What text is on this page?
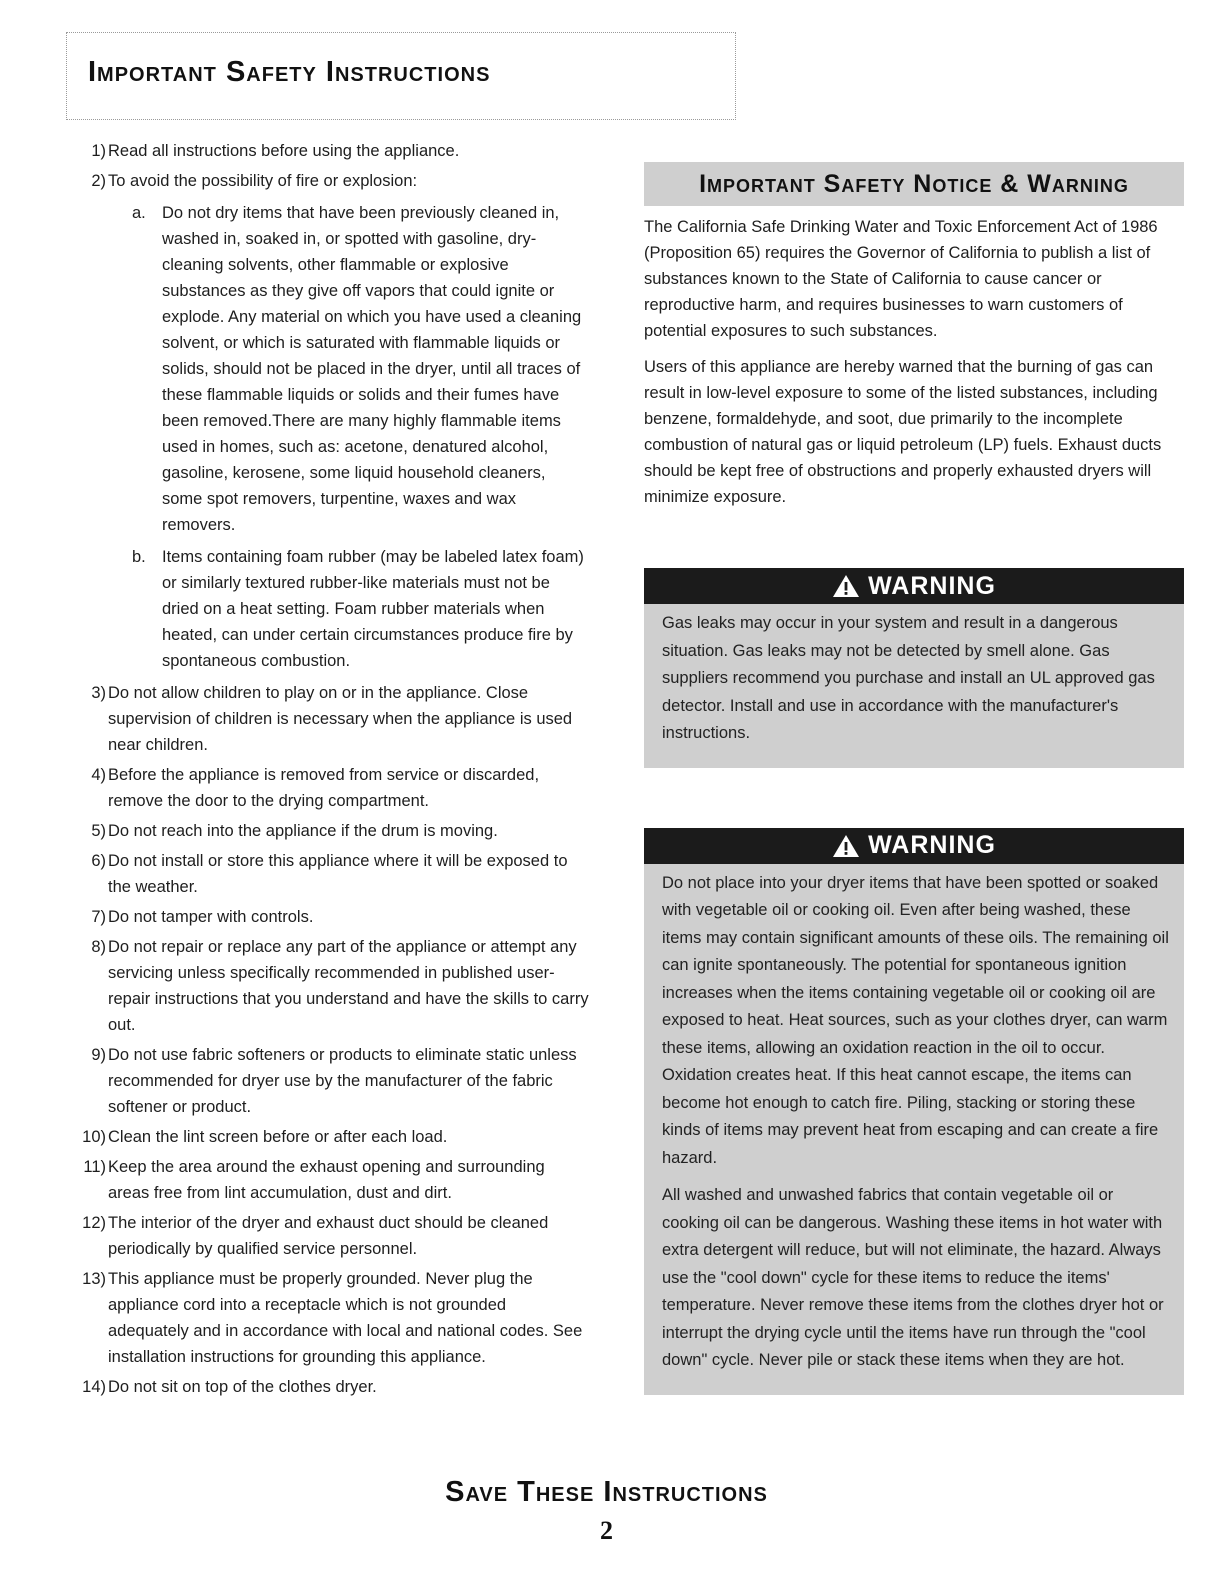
Important Safety Instructions
1) Read all instructions before using the appliance.
2) To avoid the possibility of fire or explosion:
a. Do not dry items that have been previously cleaned in, washed in, soaked in, or spotted with gasoline, dry-cleaning solvents, other flammable or explosive substances as they give off vapors that could ignite or explode. Any material on which you have used a cleaning solvent, or which is saturated with flammable liquids or solids, should not be placed in the dryer, until all traces of these flammable liquids or solids and their fumes have been removed.There are many highly flammable items used in homes, such as: acetone, denatured alcohol, gasoline, kerosene, some liquid household cleaners, some spot removers, turpentine, waxes and wax removers.
b. Items containing foam rubber (may be labeled latex foam) or similarly textured rubber-like materials must not be dried on a heat setting. Foam rubber materials when heated, can under certain circumstances produce fire by spontaneous combustion.
3) Do not allow children to play on or in the appliance. Close supervision of children is necessary when the appliance is used near children.
4) Before the appliance is removed from service or discarded, remove the door to the drying compartment.
5) Do not reach into the appliance if the drum is moving.
6) Do not install or store this appliance where it will be exposed to the weather.
7) Do not tamper with controls.
8) Do not repair or replace any part of the appliance or attempt any servicing unless specifically recommended in published user-repair instructions that you understand and have the skills to carry out.
9) Do not use fabric softeners or products to eliminate static unless recommended for dryer use by the manufacturer of the fabric softener or product.
10) Clean the lint screen before or after each load.
11) Keep the area around the exhaust opening and surrounding areas free from lint accumulation, dust and dirt.
12) The interior of the dryer and exhaust duct should be cleaned periodically by qualified service personnel.
13) This appliance must be properly grounded. Never plug the appliance cord into a receptacle which is not grounded adequately and in accordance with local and national codes. See installation instructions for grounding this appliance.
14) Do not sit on top of the clothes dryer.
Important Safety Notice & Warning

The California Safe Drinking Water and Toxic Enforcement Act of 1986 (Proposition 65) requires the Governor of California to publish a list of substances known to the State of California to cause cancer or reproductive harm, and requires businesses to warn customers of potential exposures to such substances.

Users of this appliance are hereby warned that the burning of gas can result in low-level exposure to some of the listed substances, including benzene, formaldehyde, and soot, due primarily to the incomplete combustion of natural gas or liquid petroleum (LP) fuels. Exhaust ducts should be kept free of obstructions and properly exhausted dryers will minimize exposure.

WARNING

Gas leaks may occur in your system and result in a dangerous situation. Gas leaks may not be detected by smell alone. Gas suppliers recommend you purchase and install an UL approved gas detector. Install and use in accordance with the manufacturer's instructions.

WARNING

Do not place into your dryer items that have been spotted or soaked with vegetable oil or cooking oil. Even after being washed, these items may contain significant amounts of these oils. The remaining oil can ignite spontaneously. The potential for spontaneous ignition increases when the items containing vegetable oil or cooking oil are exposed to heat. Heat sources, such as your clothes dryer, can warm these items, allowing an oxidation reaction in the oil to occur. Oxidation creates heat. If this heat cannot escape, the items can become hot enough to catch fire. Piling, stacking or storing these kinds of items may prevent heat from escaping and can create a fire hazard.

All washed and unwashed fabrics that contain vegetable oil or cooking oil can be dangerous. Washing these items in hot water with extra detergent will reduce, but will not eliminate, the hazard. Always use the "cool down" cycle for these items to reduce the items' temperature. Never remove these items from the clothes dryer hot or interrupt the drying cycle until the items have run through the "cool down" cycle. Never pile or stack these items when they are hot.

Save These Instructions
2
